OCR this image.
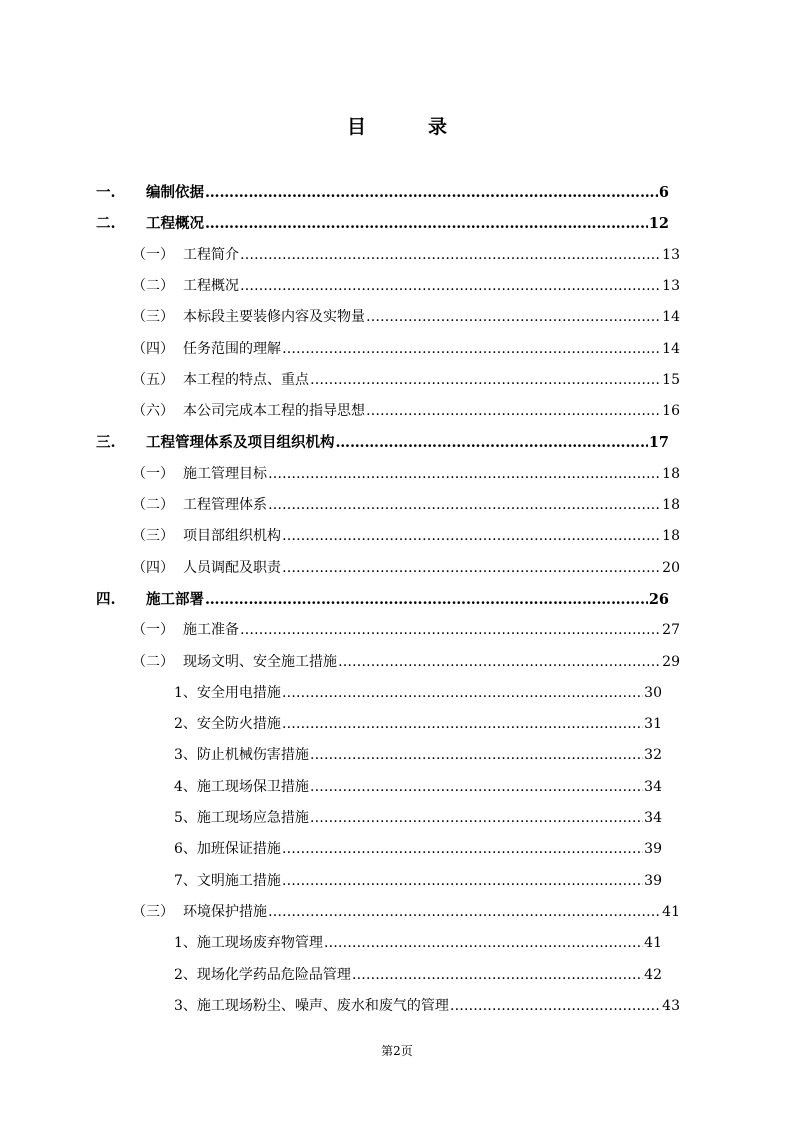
目	录
一. 编制依据 …………………………………………………………………………………………………………………………………………………………………………	6
二. 工程概况 …………………………………………………………………………………………………………………………………………………………………………	12
（一） 工程简介 …………………………………………………………………………………………………………………………………………………………………………	13
（二） 工程概况 …………………………………………………………………………………………………………………………………………………………………………	13
（三） 本标段主要装修内容及实物量 …………………………………………………………………………………………………………………………………………………………………………	14
（四） 任务范围的理解 …………………………………………………………………………………………………………………………………………………………………………	14
（五） 本工程的特点、重点 …………………………………………………………………………………………………………………………………………………………………………	15
（六） 本公司完成本工程的指导思想 …………………………………………………………………………………………………………………………………………………………………………	16
三. 工程管理体系及项目组织机构 …………………………………………………………………………………………………………………………………………………………………………	17
（一） 施工管理目标 …………………………………………………………………………………………………………………………………………………………………………	18
（二） 工程管理体系 …………………………………………………………………………………………………………………………………………………………………………	18
（三） 项目部组织机构 …………………………………………………………………………………………………………………………………………………………………………	18
（四） 人员调配及职责 …………………………………………………………………………………………………………………………………………………………………………	20
四. 施工部署 …………………………………………………………………………………………………………………………………………………………………………	26
（一） 施工准备 …………………………………………………………………………………………………………………………………………………………………………	27
（二） 现场文明、安全施工措施 …………………………………………………………………………………………………………………………………………………………………………	29
1、安全用电措施 …………………………………………………………………………………………………………………………………………………………………………	30
2、安全防火措施 …………………………………………………………………………………………………………………………………………………………………………	31
3、防止机械伤害措施 …………………………………………………………………………………………………………………………………………………………………………	32
4、施工现场保卫措施 …………………………………………………………………………………………………………………………………………………………………………	34
5、施工现场应急措施 …………………………………………………………………………………………………………………………………………………………………………	34
6、加班保证措施 …………………………………………………………………………………………………………………………………………………………………………	39
7、文明施工措施 …………………………………………………………………………………………………………………………………………………………………………	39
（三） 环境保护措施 …………………………………………………………………………………………………………………………………………………………………………	41
1、施工现场废弃物管理 …………………………………………………………………………………………………………………………………………………………………………	41
2、现场化学药品危险品管理 …………………………………………………………………………………………………………………………………………………………………………	42
3、施工现场粉尘、噪声、废水和废气的管理 …………………………………………………………………………………………………………………………………………………………………………	43
第2页
